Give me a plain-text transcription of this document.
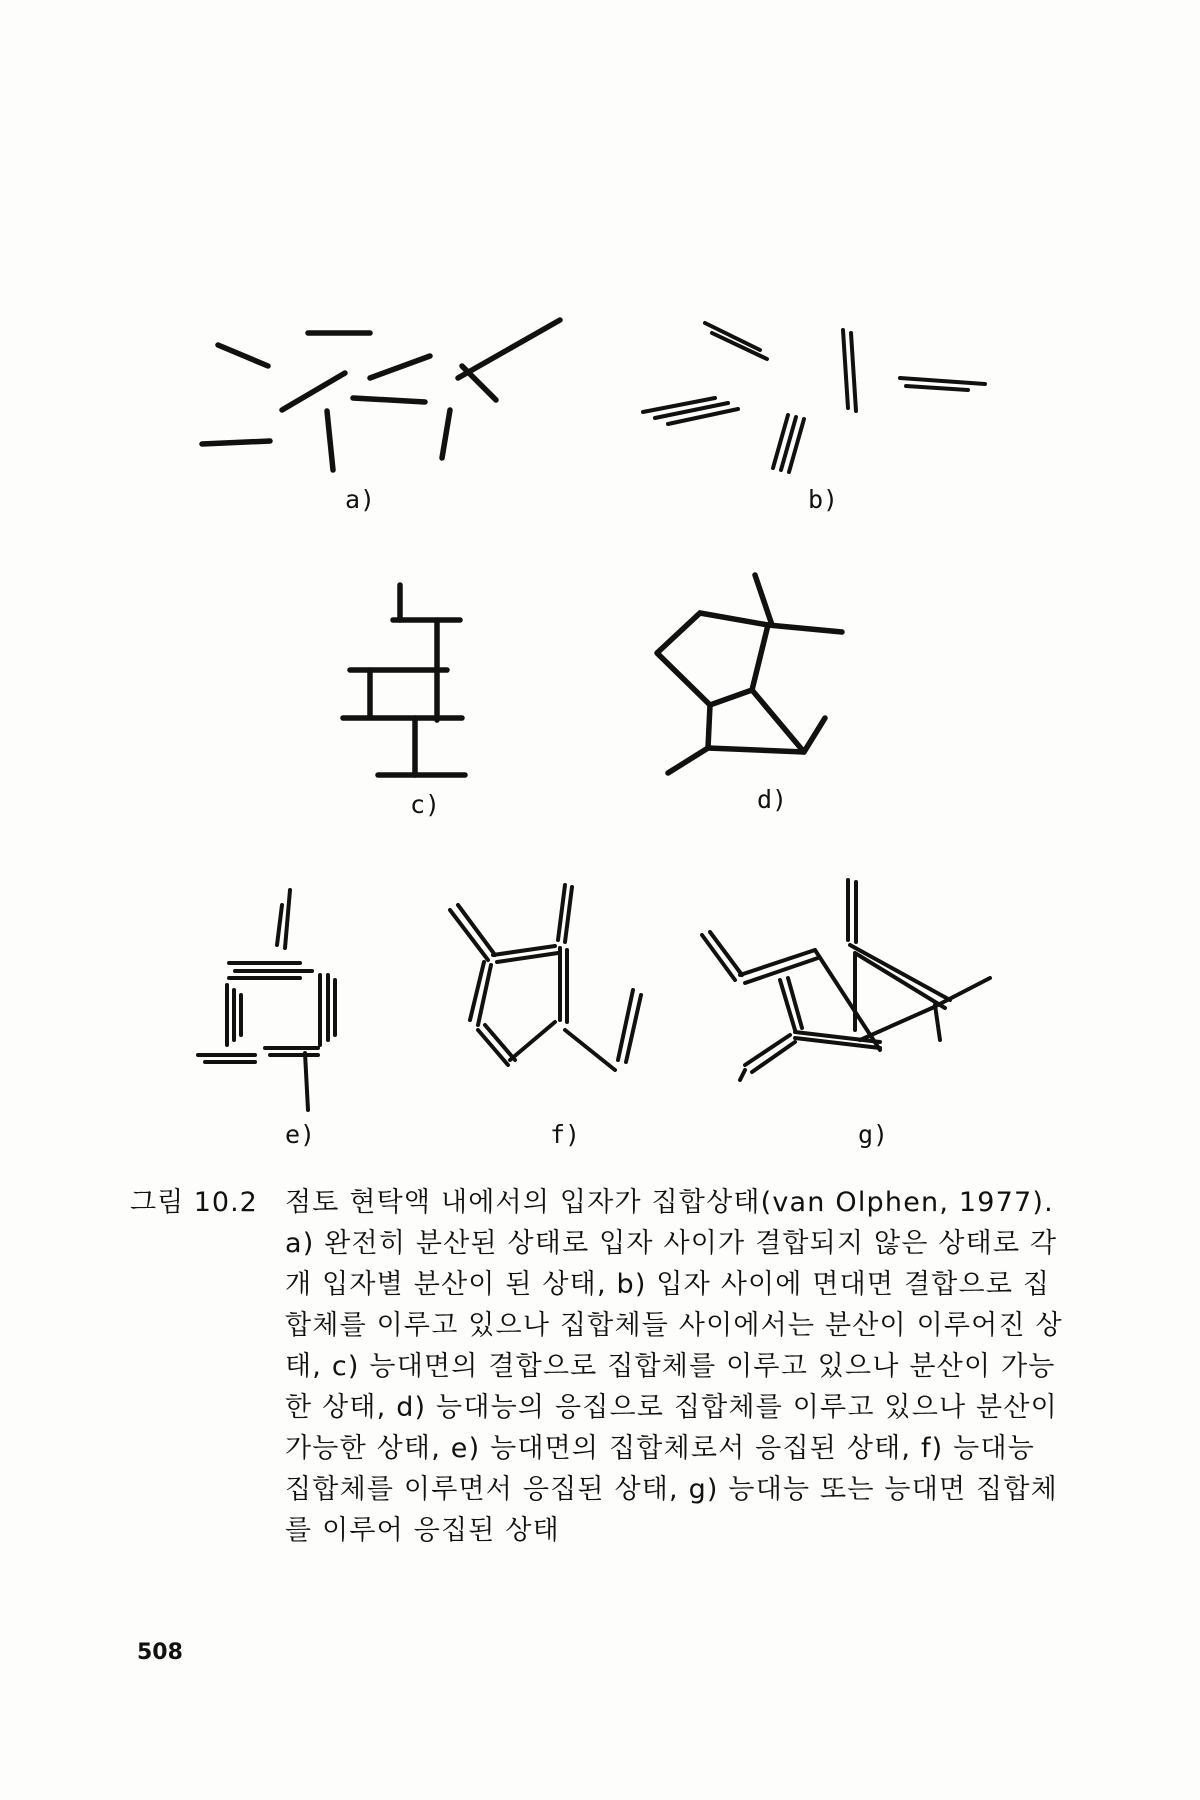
a)	b)
c)	d)
e)	f)	g)
그림 10.2	점토 현탁액 내에서의 입자가 집합상태(van Olphen, 1977). a) 완전히 분산된 상태로 입자 사이가 결합되지 않은 상태로 각개 입자별 분산이 된 상태, b) 입자 사이에 면대면 결합으로 집합체를 이루고 있으나 집합체들 사이에서는 분산이 이루어진 상태, c) 능대면의 결합으로 집합체를 이루고 있으나 분산이 가능한 상태, d) 능대능의 응집으로 집합체를 이루고 있으나 분산이 가능한 상태, e) 능대면의 집합체로서 응집된 상태, f) 능대능 집합체를 이루면서 응집된 상태, g) 능대능 또는 능대면 집합체를 이루어 응집된 상태
508
